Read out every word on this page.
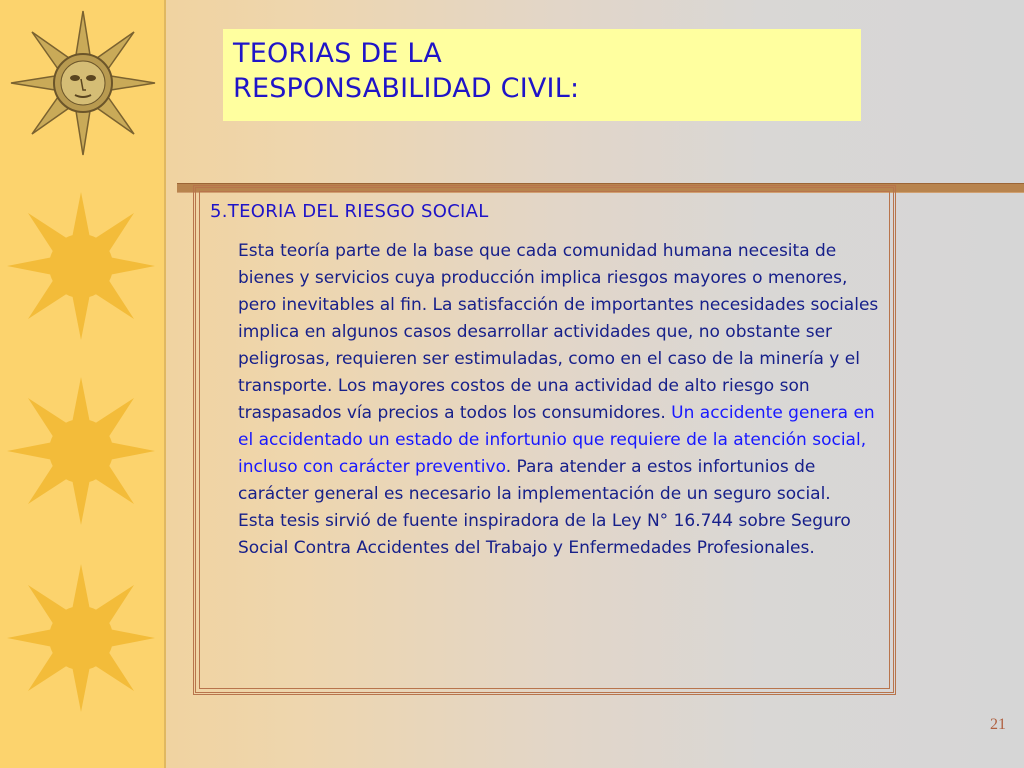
TEORIAS DE LA
RESPONSABILIDAD CIVIL:
5.TEORIA DEL RIESGO SOCIAL
Esta teoría parte de la base que cada comunidad humana necesita de bienes y servicios cuya producción implica riesgos mayores o menores, pero inevitables al fin. La satisfacción de importantes necesidades sociales implica en algunos casos desarrollar actividades que, no obstante ser peligrosas, requieren ser estimuladas, como en el caso de la minería y el transporte. Los mayores costos de una actividad de alto riesgo son traspasados vía precios a todos los consumidores. Un accidente genera en el accidentado un estado de infortunio que requiere de la atención social, incluso con carácter preventivo. Para atender a estos infortunios de carácter general es necesario la implementación de un seguro social.
Esta tesis sirvió de fuente inspiradora de la Ley N° 16.744 sobre Seguro Social Contra Accidentes del Trabajo y Enfermedades Profesionales.
21
